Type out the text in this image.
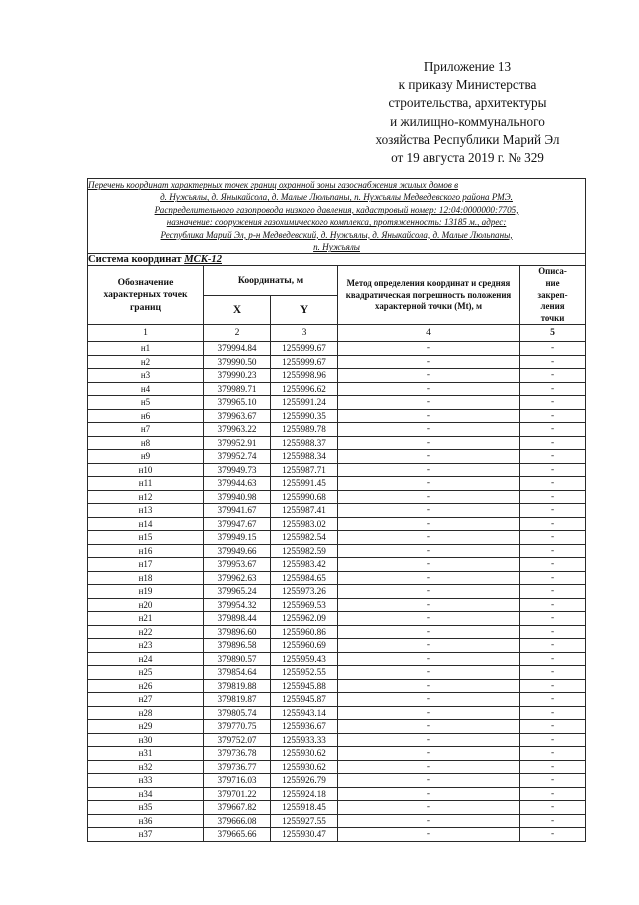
Приложение 13
к приказу Министерства
строительства, архитектуры
и жилищно-коммунального
хозяйства Республики Марий Эл
от 19 августа 2019 г. № 329
Перечень координат характерных точек границ охранной зоны газоснабжения жилых домов в
д. Нужъялы, д. Яныкайсола, д. Малые Люльпаны, п. Нужъялы Медведевского района РМЭ.
Распределительного газопровода низкого давления, кадастровый номер: 12:04:0000000:7705,
назначение: сооружения газохимического комплекса, протяженность: 13185 м., адрес:
Республика Марий Эл, р-н Медведевский, д. Нужъялы, д. Яныкайсола, д. Малые Люльпаны,
п. Нужъялы

Система координат МСК-12				
Обозначение характерных точек границ	Координаты, м		Метод определения координат и средняя квадратическая погрешность положения характерной точки (Mt), м	Описа-
ние
закреп-
ления
точки
	X	Y		
1	2	3	4	5
н1	379994.84	1255999.67	-	-
н2	379990.50	1255999.67	-	-
н3	379990.23	1255998.96	-	-
н4	379989.71	1255996.62	-	-
н5	379965.10	1255991.24	-	-
н6	379963.67	1255990.35	-	-
н7	379963.22	1255989.78	-	-
н8	379952.91	1255988.37	-	-
н9	379952.74	1255988.34	-	-
н10	379949.73	1255987.71	-	-
н11	379944.63	1255991.45	-	-
н12	379940.98	1255990.68	-	-
н13	379941.67	1255987.41	-	-
н14	379947.67	1255983.02	-	-
н15	379949.15	1255982.54	-	-
н16	379949.66	1255982.59	-	-
н17	379953.67	1255983.42	-	-
н18	379962.63	1255984.65	-	-
н19	379965.24	1255973.26	-	-
н20	379954.32	1255969.53	-	-
н21	379898.44	1255962.09	-	-
н22	379896.60	1255960.86	-	-
н23	379896.58	1255960.69	-	-
н24	379890.57	1255959.43	-	-
н25	379854.64	1255952.55	-	-
н26	379819.88	1255945.88	-	-
н27	379819.87	1255945.87	-	-
н28	379805.74	1255943.14	-	-
н29	379770.75	1255936.67	-	-
н30	379752.07	1255933.33	-	-
н31	379736.78	1255930.62	-	-
н32	379736.77	1255930.62	-	-
н33	379716.03	1255926.79	-	-
н34	379701.22	1255924.18	-	-
н35	379667.82	1255918.45	-	-
н36	379666.08	1255927.55	-	-
н37	379665.66	1255930.47	-	-
